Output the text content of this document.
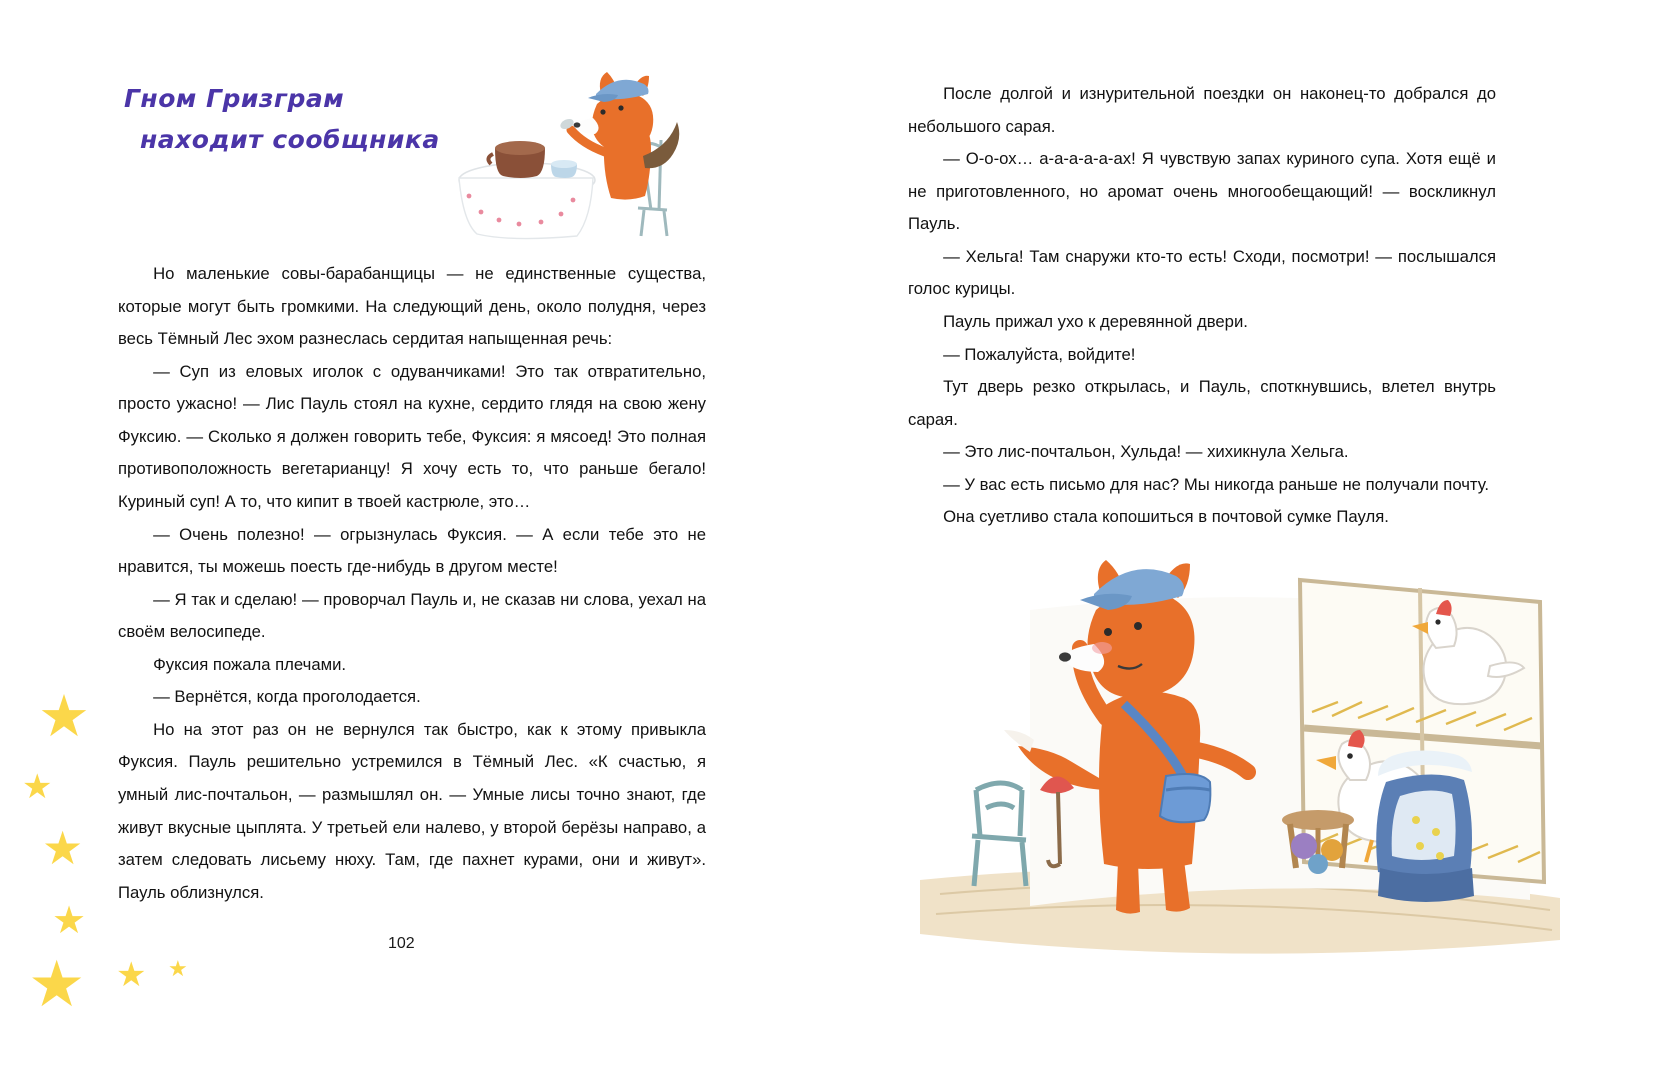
Гном Гризграм
находит сообщника

Но маленькие совы-барабанщицы — не единственные существа, которые могут быть громкими. На следующий день, около полудня, через весь Тёмный Лес эхом разнеслась сердитая напыщенная речь:

— Суп из еловых иголок с одуванчиками! Это так отвратительно, просто ужасно! — Лис Пауль стоял на кухне, сердито глядя на свою жену Фуксию. — Сколько я должен говорить тебе, Фуксия: я мясоед! Это полная противоположность вегетарианцу! Я хочу есть то, что раньше бегало! Куриный суп! А то, что кипит в твоей кастрюле, это…

— Очень полезно! — огрызнулась Фуксия. — А если тебе это не нравится, ты можешь поесть где-нибудь в другом месте!

— Я так и сделаю! — проворчал Пауль и, не сказав ни слова, уехал на своём велосипеде.

Фуксия пожала плечами.

— Вернётся, когда проголодается.

Но на этот раз он не вернулся так быстро, как к этому привыкла Фуксия. Пауль решительно устремился в Тёмный Лес. «К счастью, я умный лис-почтальон, — размышлял он. — Умные лисы точно знают, где живут вкусные цыплята. У третьей ели налево, у второй берёзы направо, а затем следовать лисьему нюху. Там, где пахнет курами, они и живут». Пауль облизнулся.

102
★
★
★
★
★ ★ ★

После долгой и изнурительной поездки он наконец-то добрался до небольшого сарая.

— О-о-ох… а-а-а-а-а-ах! Я чувствую запах куриного супа. Хотя ещё и не приготовленного, но аромат очень многообещающий! — воскликнул Пауль.

— Хельга! Там снаружи кто-то есть! Сходи, посмотри! — послышался голос курицы.

Пауль прижал ухо к деревянной двери.

— Пожалуйста, войдите!

Тут дверь резко открылась, и Пауль, споткнувшись, влетел внутрь сарая.

— Это лис-почтальон, Хульда! — хихикнула Хельга.

— У вас есть письмо для нас? Мы никогда раньше не получали почту.

Она суетливо стала копошиться в почтовой сумке Пауля.
